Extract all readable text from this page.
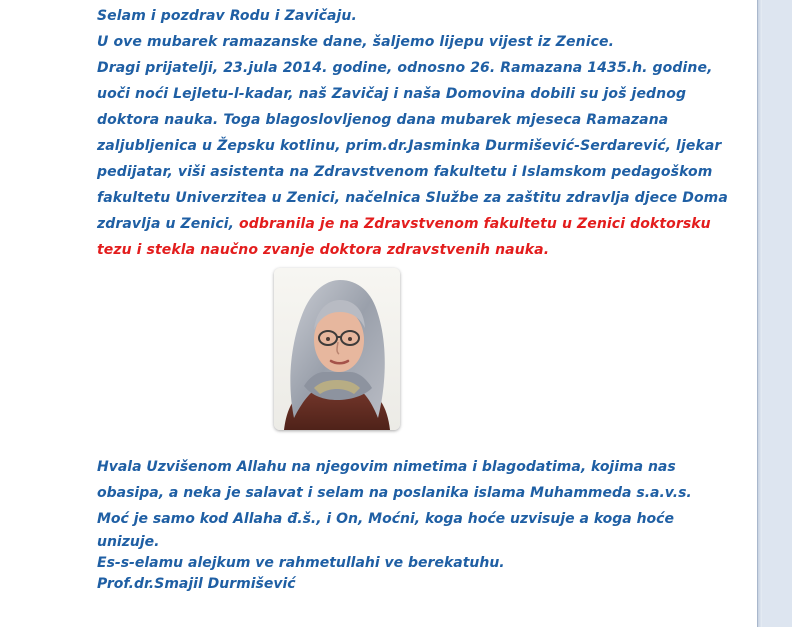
Selam i pozdrav Rodu i Zavičaju.

U ove mubarek ramazanske dane, šaljemo lijepu vijest iz Zenice.

Dragi prijatelji, 23.jula 2014. godine, odnosno 26. Ramazana 1435.h. godine,

uoči noći Lejletu-l-kadar, naš Zavičaj i naša Domovina dobili su još jednog

doktora nauka. Toga blagoslovljenog dana mubarek mjeseca Ramazana

zaljubljenica u Žepsku kotlinu, prim.dr.Jasminka Durmišević-Serdarević, ljekar

pedijatar, viši asistenta na Zdravstvenom fakultetu i Islamskom pedagoškom

fakultetu Univerzitea u Zenici, načelnica Službe za zaštitu zdravlja djece Doma

zdravlja u Zenici, odbranila je na Zdravstvenom fakultetu u Zenici doktorsku

tezu i stekla naučno zvanje doktora zdravstvenih nauka.

Hvala Uzvišenom Allahu na njegovim nimetima i blagodatima, kojima nas

obasipa, a neka je salavat i selam na poslanika islama Muhammeda s.a.v.s.

Moć je samo kod Allaha đ.š., i On, Moćni, koga hoće uzvisuje a koga hoće

unizuje.

Es-s-elamu alejkum ve rahmetullahi ve berekatuhu.

Prof.dr.Smajil Durmišević
